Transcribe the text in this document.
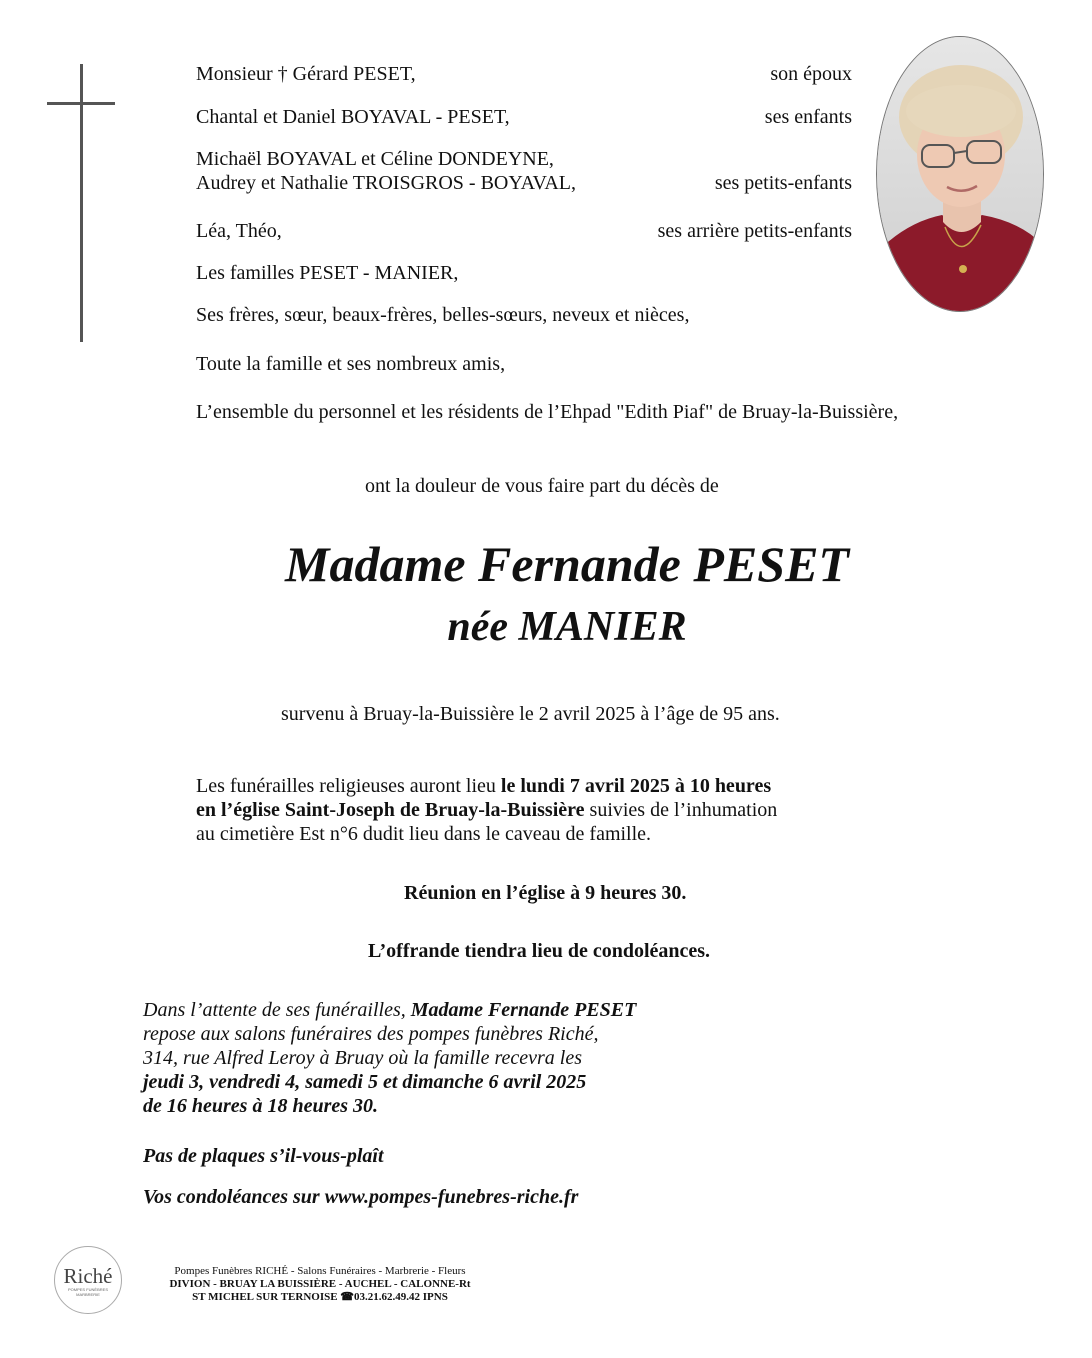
Monsieur † Gérard PESET,	son époux
Chantal et Daniel BOYAVAL - PESET,	ses enfants
Michaël BOYAVAL et Céline DONDEYNE,
Audrey et Nathalie TROISGROS - BOYAVAL,	ses petits-enfants
Léa, Théo,	ses arrière petits-enfants
Les familles PESET - MANIER,
Ses frères, sœur, beaux-frères, belles-sœurs, neveux et nièces,
Toute la famille et ses nombreux amis,
L’ensemble du personnel et les résidents de l’Ehpad "Edith Piaf" de Bruay-la-Buissière,
ont la douleur de vous faire part du décès de
Madame Fernande PESET
née MANIER
survenu à Bruay-la-Buissière le 2 avril 2025 à l’âge de 95 ans.
Les funérailles religieuses auront lieu le lundi 7 avril 2025 à 10 heures
en l’église Saint-Joseph de Bruay-la-Buissière suivies de l’inhumation
au cimetière Est n°6 dudit lieu dans le caveau de famille.
Réunion en l’église à 9 heures 30.
L’offrande tiendra lieu de condoléances.
Dans l’attente de ses funérailles, Madame Fernande PESET
repose aux salons funéraires des pompes funèbres Riché,
314, rue Alfred Leroy à Bruay où la famille recevra les
jeudi 3, vendredi 4, samedi 5 et dimanche 6 avril 2025
de 16 heures à 18 heures 30.
Pas de plaques s’il-vous-plaît
Vos condoléances sur www.pompes-funebres-riche.fr
Riché
POMPES FUNÈBRES
MARBRERIE
Pompes Funèbres RICHÉ - Salons Funéraires - Marbrerie - Fleurs
DIVION - BRUAY LA BUISSIÈRE - AUCHEL - CALONNE-Rt
ST MICHEL SUR TERNOISE ☎03.21.62.49.42 IPNS
